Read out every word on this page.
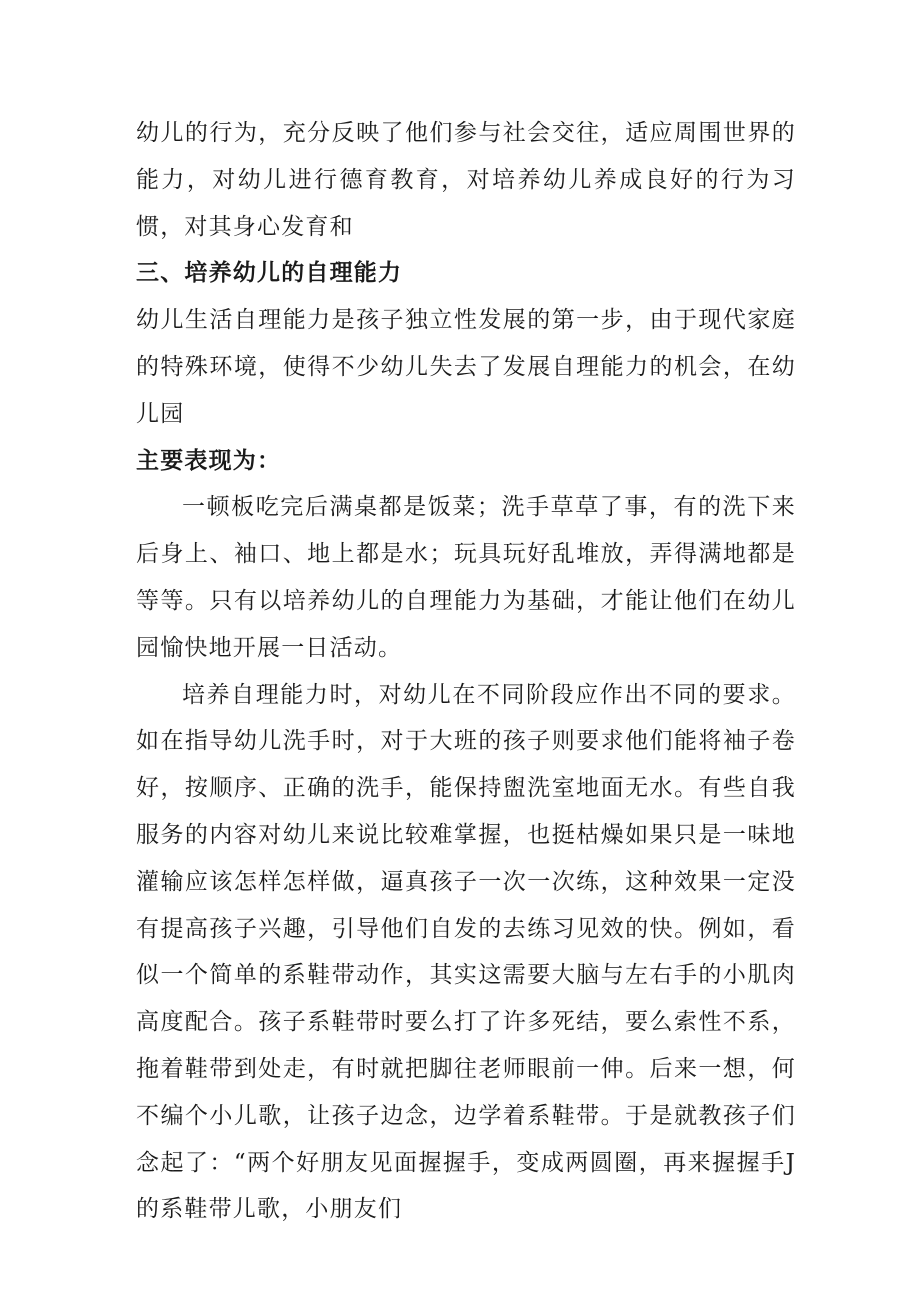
幼儿的行为，充分反映了他们参与社会交往，适应周围世界的能力，对幼儿进行德育教育，对培养幼儿养成良好的行为习惯，对其身心发育和

三、培养幼儿的自理能力

幼儿生活自理能力是孩子独立性发展的第一步，由于现代家庭的特殊环境，使得不少幼儿失去了发展自理能力的机会，在幼儿园

主要表现为：

一顿板吃完后满桌都是饭菜；洗手草草了事，有的洗下来后身上、袖口、地上都是水；玩具玩好乱堆放，弄得满地都是等等。只有以培养幼儿的自理能力为基础，才能让他们在幼儿园愉快地开展一日活动。

培养自理能力时，对幼儿在不同阶段应作出不同的要求。如在指导幼儿洗手时，对于大班的孩子则要求他们能将袖子卷好，按顺序、正确的洗手，能保持盥洗室地面无水。有些自我服务的内容对幼儿来说比较难掌握，也挺枯燥如果只是一味地灌输应该怎样怎样做，逼真孩子一次一次练，这种效果一定没有提高孩子兴趣，引导他们自发的去练习见效的快。例如，看似一个简单的系鞋带动作，其实这需要大脑与左右手的小肌肉高度配合。孩子系鞋带时要么打了许多死结，要么索性不系，拖着鞋带到处走，有时就把脚往老师眼前一伸。后来一想，何不编个小儿歌，让孩子边念，边学着系鞋带。于是就教孩子们念起了：“两个好朋友见面握握手，变成两圆圈，再来握握手J的系鞋带儿歌，小朋友们
